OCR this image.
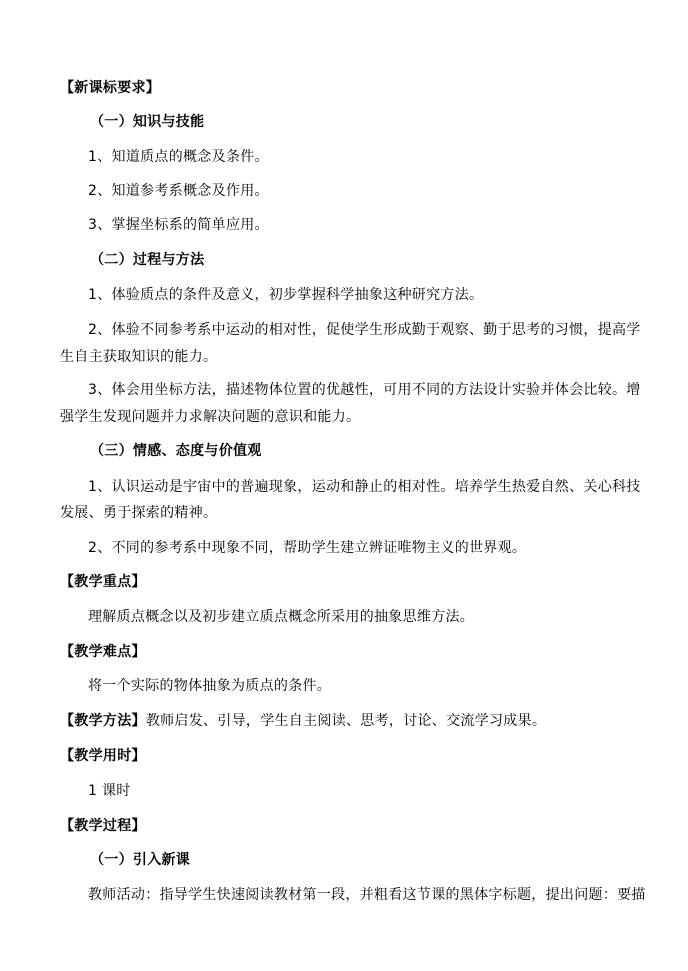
【新课标要求】
（一）知识与技能
1、知道质点的概念及条件。
2、知道参考系概念及作用。
3、掌握坐标系的简单应用。
（二）过程与方法
1、体验质点的条件及意义，初步掌握科学抽象这种研究方法。
2、体验不同参考系中运动的相对性，促使学生形成勤于观察、勤于思考的习惯，提高学
生自主获取知识的能力。
3、体会用坐标方法，描述物体位置的优越性，可用不同的方法设计实验并体会比较。增
强学生发现问题并力求解决问题的意识和能力。
（三）情感、态度与价值观
1、认识运动是宇宙中的普遍现象，运动和静止的相对性。培养学生热爱自然、关心科技
发展、勇于探索的精神。
2、不同的参考系中现象不同，帮助学生建立辨证唯物主义的世界观。
【教学重点】
理解质点概念以及初步建立质点概念所采用的抽象思维方法。
【教学难点】
将一个实际的物体抽象为质点的条件。
【教学方法】教师启发、引导，学生自主阅读、思考，讨论、交流学习成果。
【教学用时】
1 课时
【教学过程】
（一）引入新课
教师活动：指导学生快速阅读教材第一段，并粗看这节课的黑体字标题，提出问题：要描
